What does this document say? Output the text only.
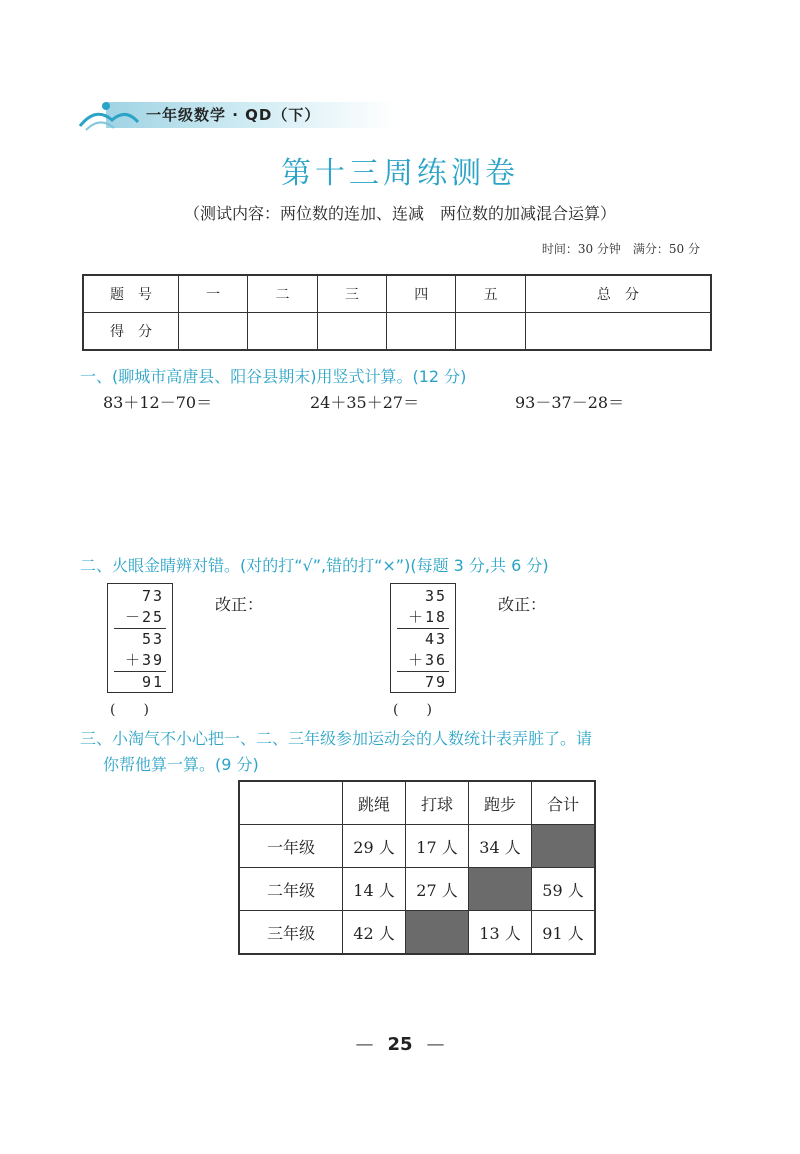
一年级数学 · QD（下）
第十三周练测卷
（测试内容：两位数的连加、连减　两位数的加减混合运算）
时间：30 分钟　满分：50 分
题　号	一	二	三	四	五	总　分
得　分						
一、(聊城市高唐县、阳谷县期末)用竖式计算。(12 分)
83＋12－70＝	24＋35＋27＝	93－37－28＝
二、火眼金睛辨对错。(对的打“√”,错的打“×”)(每题 3 分,共 6 分)
73
－25
53
＋39
91
改正：
(　　)
35
＋18
43
＋36
79
改正：
(　　)
三、小淘气不小心把一、二、三年级参加运动会的人数统计表弄脏了。请
你帮他算一算。(9 分)
	跳绳	打球	跑步	合计
一年级	29 人	17 人	34 人	
二年级	14 人	27 人		59 人
三年级	42 人		13 人	91 人
— 25 —
